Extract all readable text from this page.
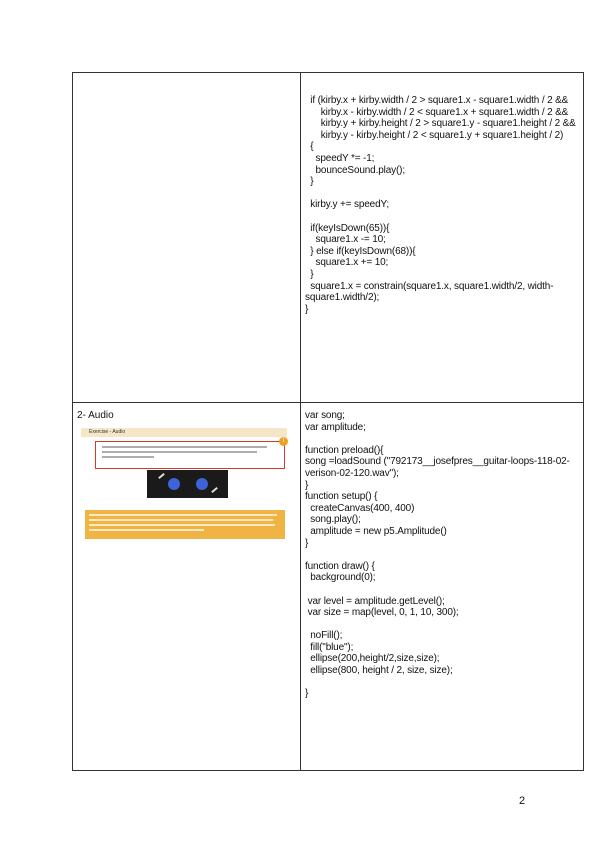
if (kirby.x + kirby.width / 2 > square1.x - square1.width / 2 &&
kirby.x - kirby.width / 2 < square1.x + square1.width / 2 &&
kirby.y + kirby.height / 2 > square1.y - square1.height / 2 &&
kirby.y - kirby.height / 2 < square1.y + square1.height / 2)
{
speedY *= -1;
bounceSound.play();
}

kirby.y += speedY;

if(keyIsDown(65)){
square1.x -= 10;
} else if(keyIsDown(68)){
square1.x += 10;
}
square1.x = constrain(square1.x, square1.width/2, width-square1.width/2);
}
2- Audio
Exercise - Audio
!
var song;
var amplitude;

function preload(){
song =loadSound ("792173__josefpres__guitar-loops-118-02-verison-02-120.wav");
}
function setup() {
createCanvas(400, 400)
song.play();
amplitude = new p5.Amplitude()
}

function draw() {
background(0);

var level = amplitude.getLevel();
var size = map(level, 0, 1, 10, 300);

noFill();
fill("blue");
ellipse(200,height/2,size,size);
ellipse(800, height / 2, size, size);

}
2
